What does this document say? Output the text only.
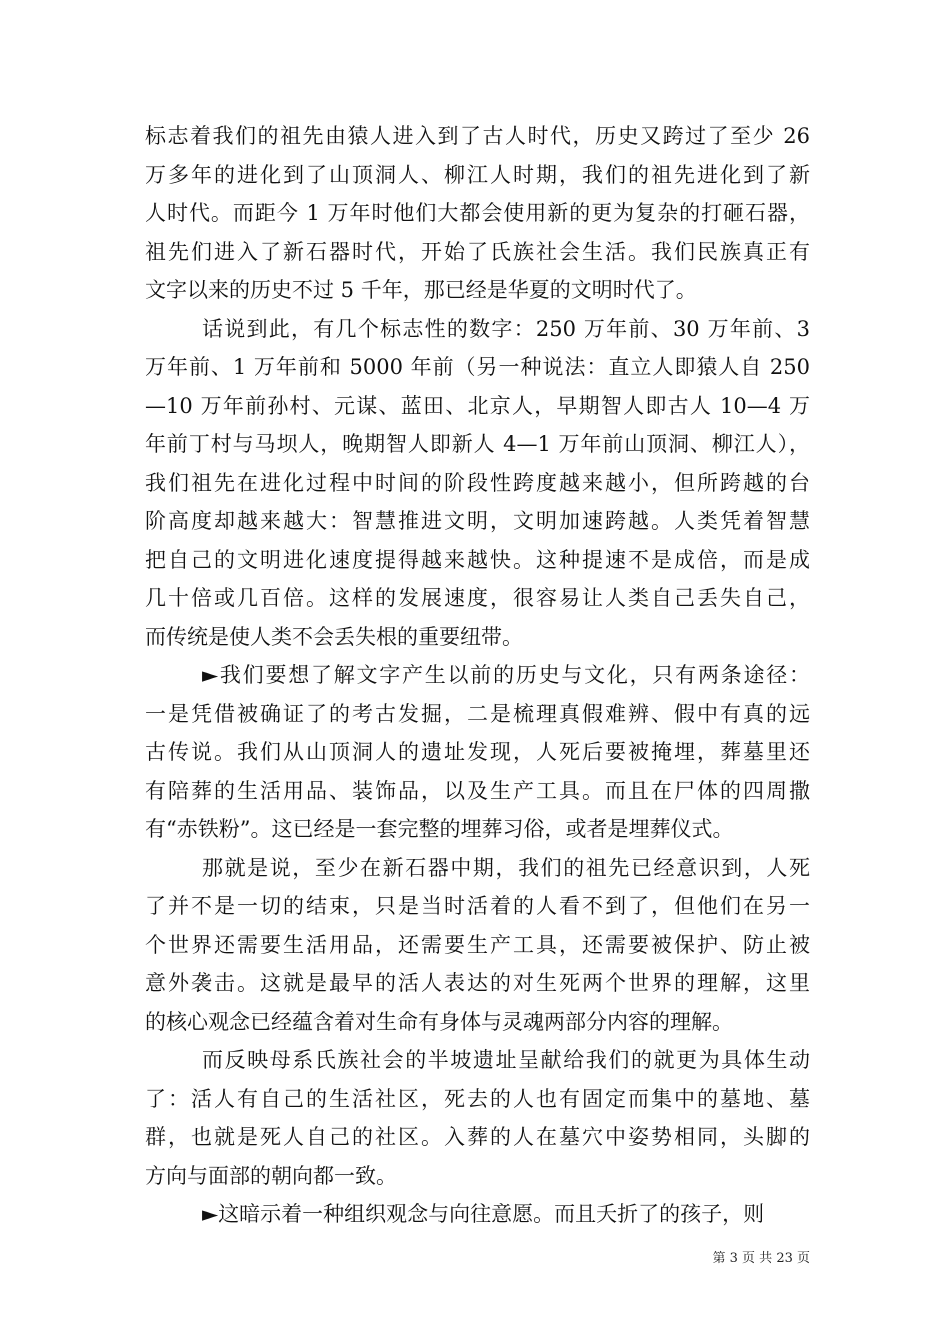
标志着我们的祖先由猿人进入到了古人时代，历史又跨过了至少 26
万多年的进化到了山顶洞人、柳江人时期，我们的祖先进化到了新
人时代。而距今 1 万年时他们大都会使用新的更为复杂的打砸石器，
祖先们进入了新石器时代，开始了氏族社会生活。我们民族真正有
文字以来的历史不过 5 千年，那已经是华夏的文明时代了。
话说到此，有几个标志性的数字：250 万年前、30 万年前、3
万年前、1 万年前和 5000 年前（另一种说法：直立人即猿人自 250
—10 万年前孙村、元谋、蓝田、北京人，早期智人即古人 10—4 万
年前丁村与马坝人，晚期智人即新人 4—1 万年前山顶洞、柳江人），
我们祖先在进化过程中时间的阶段性跨度越来越小，但所跨越的台
阶高度却越来越大：智慧推进文明，文明加速跨越。人类凭着智慧
把自己的文明进化速度提得越来越快。这种提速不是成倍，而是成
几十倍或几百倍。这样的发展速度，很容易让人类自己丢失自己，
而传统是使人类不会丢失根的重要纽带。
►我们要想了解文字产生以前的历史与文化，只有两条途径：
一是凭借被确证了的考古发掘，二是梳理真假难辨、假中有真的远
古传说。我们从山顶洞人的遗址发现，人死后要被掩埋，葬墓里还
有陪葬的生活用品、装饰品，以及生产工具。而且在尸体的四周撒
有“赤铁粉”。这已经是一套完整的埋葬习俗，或者是埋葬仪式。
那就是说，至少在新石器中期，我们的祖先已经意识到，人死
了并不是一切的结束，只是当时活着的人看不到了，但他们在另一
个世界还需要生活用品，还需要生产工具，还需要被保护、防止被
意外袭击。这就是最早的活人表达的对生死两个世界的理解，这里
的核心观念已经蕴含着对生命有身体与灵魂两部分内容的理解。
而反映母系氏族社会的半坡遗址呈献给我们的就更为具体生动
了：活人有自己的生活社区，死去的人也有固定而集中的墓地、墓
群，也就是死人自己的社区。入葬的人在墓穴中姿势相同，头脚的
方向与面部的朝向都一致。
►这暗示着一种组织观念与向往意愿。而且夭折了的孩子，则
第 3 页 共 23 页
